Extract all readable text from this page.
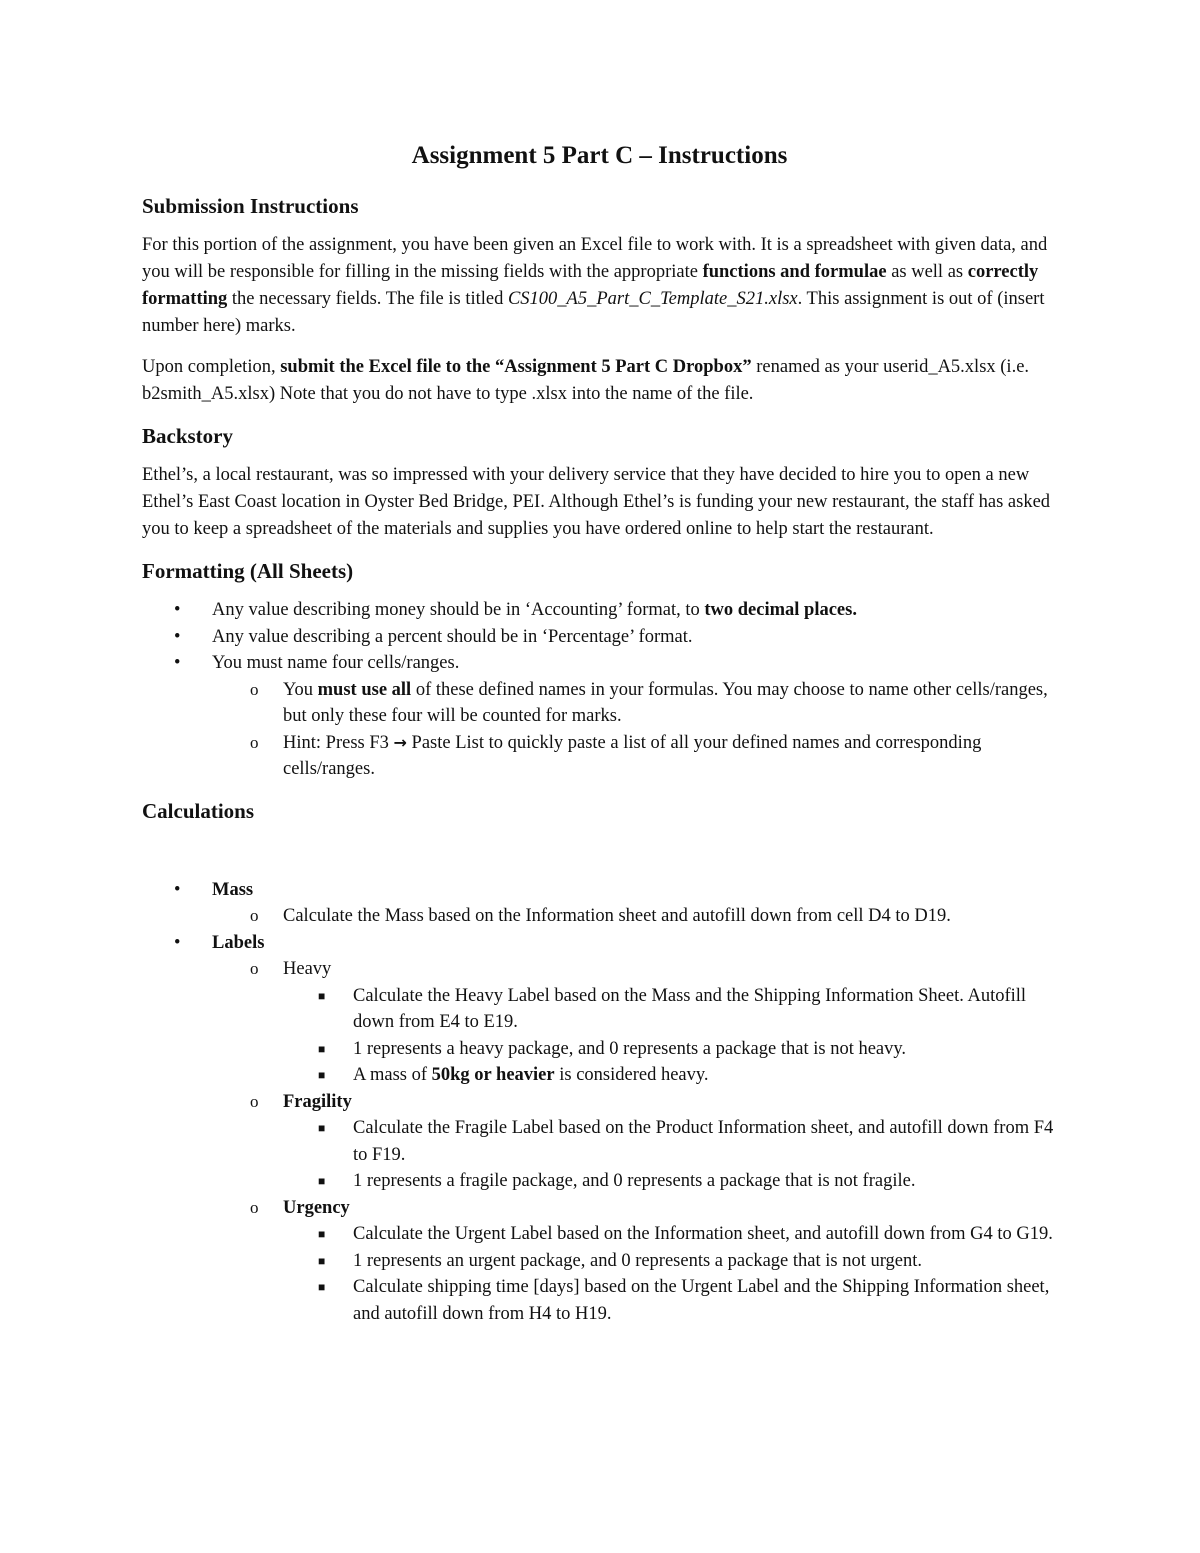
Assignment 5 Part C – Instructions
Submission Instructions

For this portion of the assignment, you have been given an Excel file to work with. It is a spreadsheet with given data, and you will be responsible for filling in the missing fields with the appropriate functions and formulae as well as correctly formatting the necessary fields. The file is titled CS100_A5_Part_C_Template_S21.xlsx. This assignment is out of (insert number here) marks.

Upon completion, submit the Excel file to the “Assignment 5 Part C Dropbox” renamed as your userid_A5.xlsx (i.e. b2smith_A5.xlsx) Note that you do not have to type .xlsx into the name of the file.

Backstory

Ethel’s, a local restaurant, was so impressed with your delivery service that they have decided to hire you to open a new Ethel’s East Coast location in Oyster Bed Bridge, PEI. Although Ethel’s is funding your new restaurant, the staff has asked you to keep a spreadsheet of the materials and supplies you have ordered online to help start the restaurant.

Formatting (All Sheets)
• Any value describing money should be in ‘Accounting’ format, to two decimal places.
• Any value describing a percent should be in ‘Percentage’ format.
• You must name four cells/ranges.
o You must use all of these defined names in your formulas. You may choose to name other cells/ranges, but only these four will be counted for marks.
o Hint: Press F3 → Paste List to quickly paste a list of all your defined names and corresponding cells/ranges.
Calculations
• Mass
o Calculate the Mass based on the Information sheet and autofill down from cell D4 to D19.
• Labels
o Heavy
■ Calculate the Heavy Label based on the Mass and the Shipping Information Sheet. Autofill down from E4 to E19.
■ 1 represents a heavy package, and 0 represents a package that is not heavy.
■ A mass of 50kg or heavier is considered heavy.
o Fragility
■ Calculate the Fragile Label based on the Product Information sheet, and autofill down from F4 to F19.
■ 1 represents a fragile package, and 0 represents a package that is not fragile.
o Urgency
■ Calculate the Urgent Label based on the Information sheet, and autofill down from G4 to G19.
■ 1 represents an urgent package, and 0 represents a package that is not urgent.
■ Calculate shipping time [days] based on the Urgent Label and the Shipping Information sheet, and autofill down from H4 to H19.
